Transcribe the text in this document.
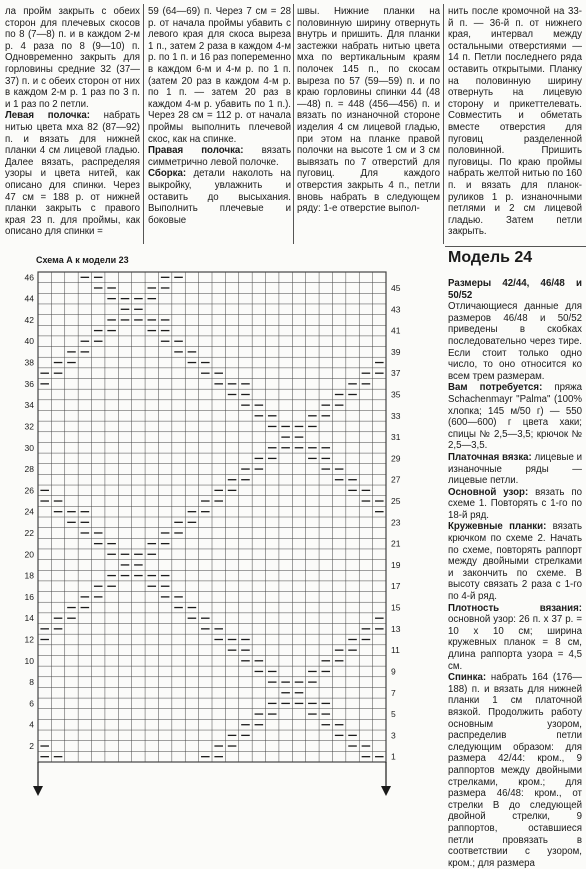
ла пройм закрыть с обеих сторон для плечевых скосов по 8 (7—8) п. и в каждом 2-м р. 4 раза по 8 (9—10) п. Одновременно закрыть для горловины средние 32 (37—37) п. и с обеих сторон от них в каждом 2-м р. 1 раз по 3 п. и 1 раз по 2 петли.

Левая полочка: набрать нитью цвета мха 82 (87—92) п. и вязать для нижней планки 4 см лицевой гладью. Далее вязать, распределяя узоры и цвета нитей, как описано для спинки. Через 47 см = 188 р. от нижней планки закрыть с правого края 23 п. для проймы, как описано для спинки =

59 (64—69) п. Через 7 см = 28 р. от начала проймы убавить с левого края для скоса выреза 1 п., затем 2 раза в каждом 4-м р. по 1 п. и 16 раз попеременно в каждом 6-м и 4-м р. по 1 п. (затем 20 раз в каждом 4-м р. по 1 п. — затем 20 раз в каждом 4-м р. убавить по 1 п.). Через 28 см = 112 р. от начала проймы выполнить плечевой скос, как на спинке.

Правая полочка: вязать симметрично левой полочке.

Сборка: детали наколоть на выкройку, увлажнить и оставить до высыхания. Выполнить плечевые и боковые

швы. Нижние планки на половинную ширину отвернуть внутрь и пришить. Для планки застежки набрать нитью цвета мха по вертикальным краям полочек 145 п., по скосам выреза по 57 (59—59) п. и по краю горловины спинки 44 (48—48) п. = 448 (456—456) п. и вязать по изнаночной стороне изделия 4 см лицевой гладью, при этом на планке правой полочки на высоте 1 см и 3 см вывязать по 7 отверстий для пуговиц. Для каждого отверстия закрыть 4 п., петли вновь набрать в следующем ряду: 1-е отверстие выпол-

нить после кромочной на 33-й п. — 36-й п. от нижнего края, интервал между остальными отверстиями — 14 п. Петли последнего ряда оставить открытыми. Планку на половинную ширину отвернуть на лицевую сторону и прикеттелевать. Совместить и обметать вместе отверстия для пуговиц разделенной половинной. Пришить пуговицы. По краю проймы набрать желтой нитью по 160 п. и вязать для планок-руликов 1 р. изнаночными петлями и 2 см лицевой гладью. Затем петли закрыть.

Модель 24
Схема А к модели 23

Размеры 42/44, 46/48 и 50/52

Отличающиеся данные для размеров 46/48 и 50/52 приведены в скобках последовательно через тире. Если стоит только одно число, то оно относится ко всем трем размерам.

Вам потребуется: пряжа Schachenmayr "Palma" (100% хлопка; 145 м/50 г) — 550 (600—600) г цвета хаки; спицы № 2,5—3,5; крючок № 2,5—3,5.

Платочная вязка: лицевые и изнаночные ряды — лицевые петли.

Основной узор: вязать по схеме 1. Повторять с 1-го по 18-й ряд.

Кружевные планки: вязать крючком по схеме 2. Начать по схеме, повторять раппорт между двойными стрелками и закончить по схеме. В высоту связать 2 раза с 1-го по 4-й ряд.

Плотность вязания: основной узор: 26 п. х 37 р. = 10 х 10 см; ширина кружевных планок = 8 см, длина раппорта узора = 4,5 см.

Спинка: набрать 164 (176—188) п. и вязать для нижней планки 1 см платочной вязкой. Продолжить работу основным узором, распределив петли следующим образом: для размера 42/44: кром., 9 раппортов между двойными стрелками, кром.; для размера 46/48: кром., от стрелки В до следующей двойной стрелки, 9 раппортов, оставшиеся петли провязать в соответствии с узором, кром.; для размера

2
4
6
8
10
12
14
16
18
20
22
24
26
28
30
32
34
36
38
40
42
44
46
1
3
5
7
9
11
13
15
17
19
21
23
25
27
29
31
33
35
37
39
41
43
45
